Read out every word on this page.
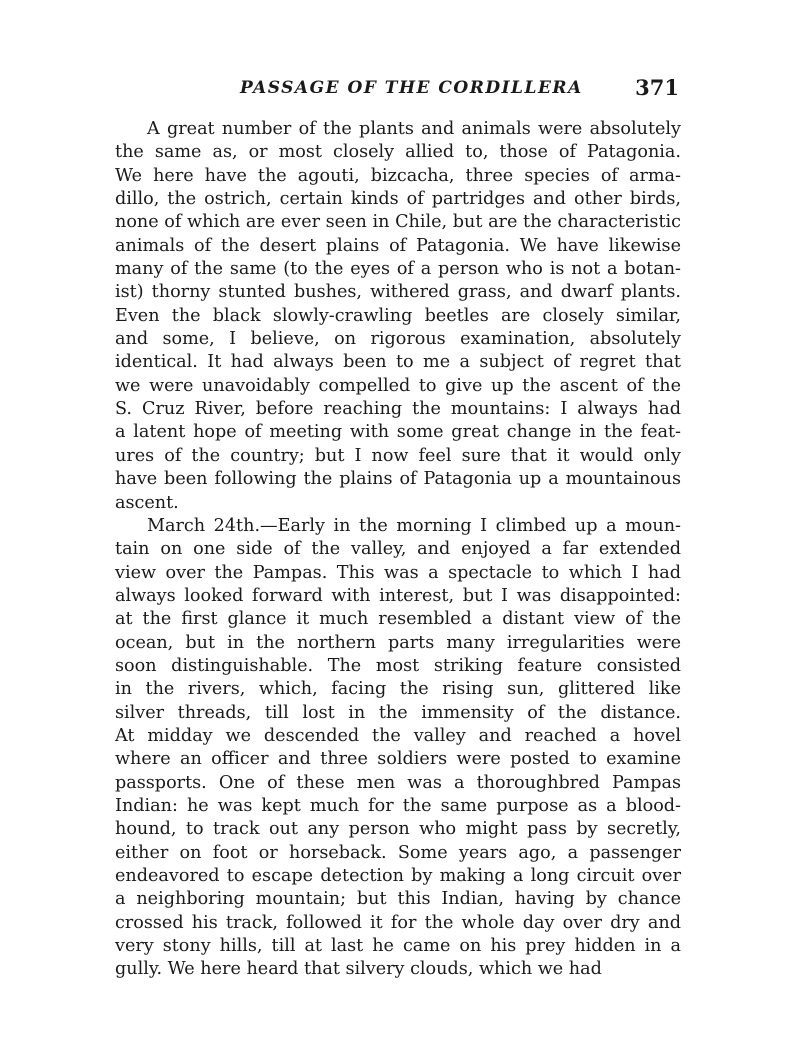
PASSAGE OF THE CORDILLERA 371
A great number of the plants and animals were absolutely
the same as, or most closely allied to, those of Patagonia.
We here have the agouti, bizcacha, three species of arma-
dillo, the ostrich, certain kinds of partridges and other birds,
none of which are ever seen in Chile, but are the characteristic
animals of the desert plains of Patagonia. We have likewise
many of the same (to the eyes of a person who is not a botan-
ist) thorny stunted bushes, withered grass, and dwarf plants.
Even the black slowly-crawling beetles are closely similar,
and some, I believe, on rigorous examination, absolutely
identical. It had always been to me a subject of regret that
we were unavoidably compelled to give up the ascent of the
S. Cruz River, before reaching the mountains: I always had
a latent hope of meeting with some great change in the feat-
ures of the country; but I now feel sure that it would only
have been following the plains of Patagonia up a mountainous
ascent.
March 24th.—Early in the morning I climbed up a moun-
tain on one side of the valley, and enjoyed a far extended
view over the Pampas. This was a spectacle to which I had
always looked forward with interest, but I was disappointed:
at the first glance it much resembled a distant view of the
ocean, but in the northern parts many irregularities were
soon distinguishable. The most striking feature consisted
in the rivers, which, facing the rising sun, glittered like
silver threads, till lost in the immensity of the distance.
At midday we descended the valley and reached a hovel
where an officer and three soldiers were posted to examine
passports. One of these men was a thoroughbred Pampas
Indian: he was kept much for the same purpose as a blood-
hound, to track out any person who might pass by secretly,
either on foot or horseback. Some years ago, a passenger
endeavored to escape detection by making a long circuit over
a neighboring mountain; but this Indian, having by chance
crossed his track, followed it for the whole day over dry and
very stony hills, till at last he came on his prey hidden in a
gully. We here heard that silvery clouds, which we had
